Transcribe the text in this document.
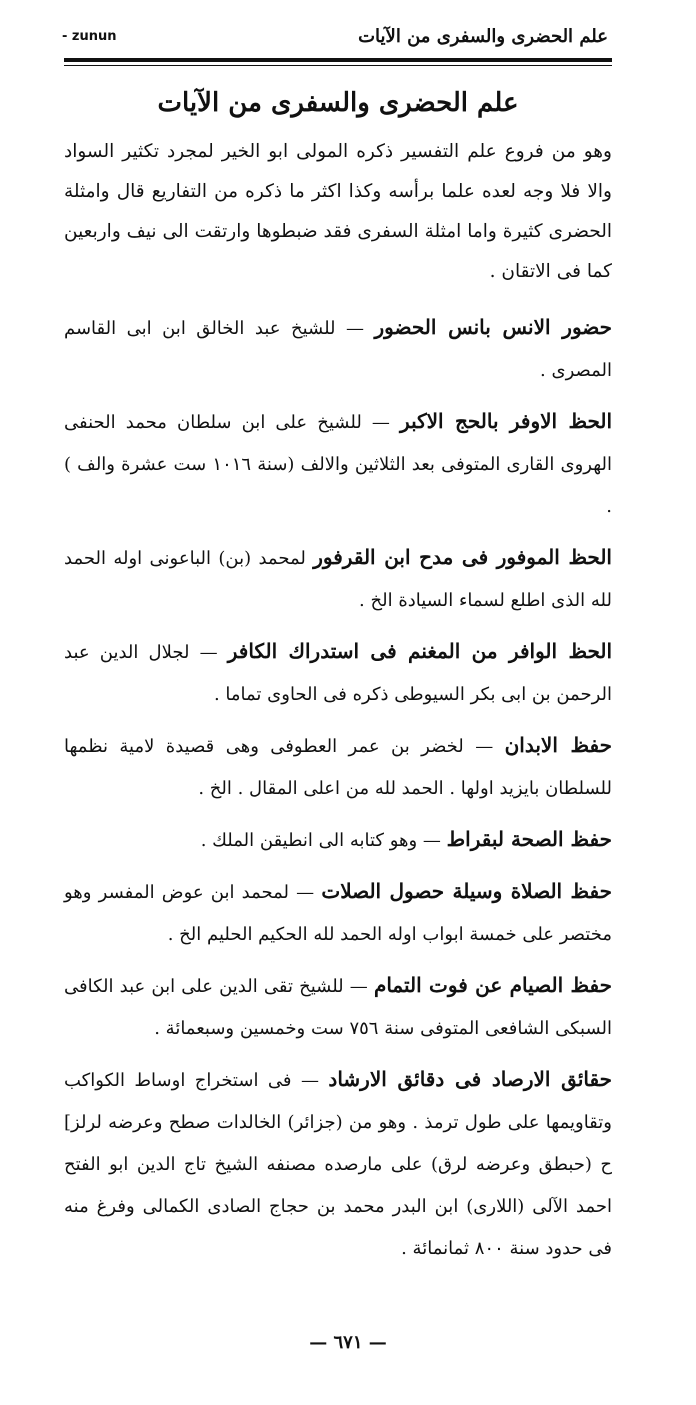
- zunun	علم الحضرى والسفرى من الآيات
علم الحضرى والسفرى من الآيات

وهو من فروع علم التفسير ذكره المولى ابو الخير لمجرد تكثير السواد والا فلا وجه لعده علما برأسه وكذا اكثر ما ذكره من التفاريع قال وامثلة الحضرى كثيرة واما امثلة السفرى فقد ضبطوها وارتقت الى نيف واربعين كما فى الاتقان .

حضور الانس بانس الحضور — للشيخ عبد الخالق ابن ابى القاسم المصرى .

الحظ الاوفر بالحج الاكبر — للشيخ على ابن سلطان محمد الحنفى الهروى القارى المتوفى بعد الثلاثين والالف (سنة ١٠١٦ ست عشرة والف ) .

الحظ الموفور فى مدح ابن القرفور لمحمد (بن) الباعونى اوله الحمد لله الذى اطلع لسماء السيادة الخ .

الحظ الوافر من المغنم فى استدراك الكافر — لجلال الدين عبد الرحمن بن ابى بكر السيوطى ذكره فى الحاوى تماما .

حفظ الابدان — لخضر بن عمر العطوفى وهى قصيدة لامية نظمها للسلطان بايزيد اولها . الحمد لله من اعلى المقال . الخ .

حفظ الصحة لبقراط — وهو كتابه الى انطيقن الملك .

حفظ الصلاة وسيلة حصول الصلات — لمحمد ابن عوض المفسر وهو مختصر على خمسة ابواب اوله الحمد لله الحكيم الحليم الخ .

حفظ الصيام عن فوت التمام — للشيخ تقى الدين على ابن عبد الكافى السبكى الشافعى المتوفى سنة ٧٥٦ ست وخمسين وسبعمائة .

حقائق الارصاد فى دقائق الارشاد — فى استخراج اوساط الكواكب وتقاويمها على طول ترمذ . وهو من (جزائر) الخالدات صطح وعرضه لرلز] ح (حبطق وعرضه لرق) على مارصده مصنفه الشيخ تاج الدين ابو الفتح احمد الآلى (اللارى) ابن البدر محمد بن حجاج الصادى الكمالى وفرغ منه فى حدود سنة ٨٠٠ ثمانمائة .

— ٦٧١ —
